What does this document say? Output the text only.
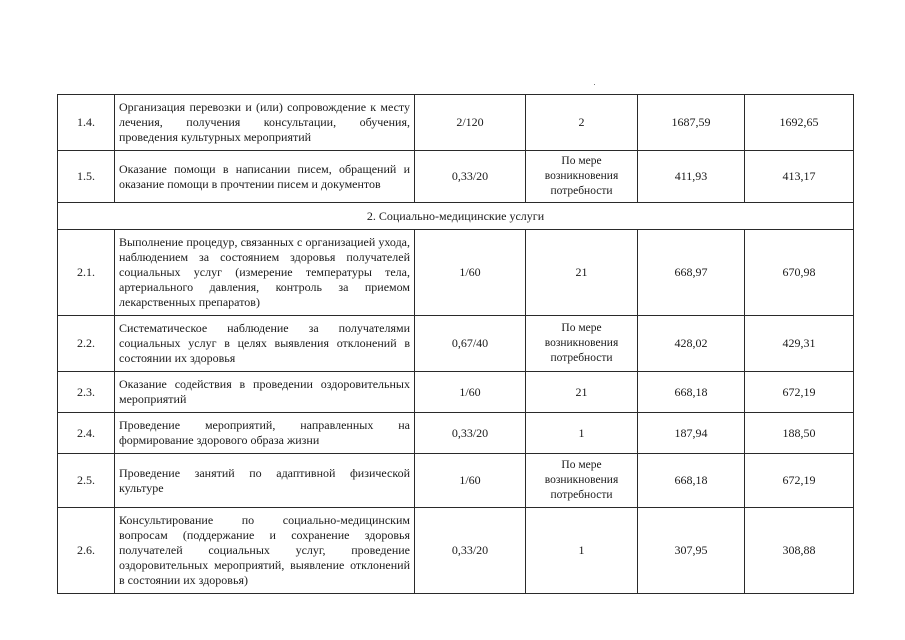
1.4.	Организация перевозки и (или) сопровождение к месту лечения, получения консультации, обучения, проведения культурных мероприятий	2/120	2	1687,59	1692,65
1.5.	Оказание помощи в написании писем, обращений и оказание помощи в прочтении писем и документов	0,33/20	По мере возникновения потребности	411,93	413,17
2. Социально-медицинские услуги					
2.1.	Выполнение процедур, связанных с организацией ухода, наблюдением за состоянием здоровья получателей социальных услуг (измерение температуры тела, артериального давления, контроль за приемом лекарственных препаратов)	1/60	21	668,97	670,98
2.2.	Систематическое наблюдение за получателями социальных услуг в целях выявления отклонений в состоянии их здоровья	0,67/40	По мере возникновения потребности	428,02	429,31
2.3.	Оказание содействия в проведении оздоровительных мероприятий	1/60	21	668,18	672,19
2.4.	Проведение мероприятий, направленных на формирование здорового образа жизни	0,33/20	1	187,94	188,50
2.5.	Проведение занятий по адаптивной физической культуре	1/60	По мере возникновения потребности	668,18	672,19
2.6.	Консультирование по социально-медицинским вопросам (поддержание и сохранение здоровья получателей социальных услуг, проведение оздоровительных мероприятий, выявление отклонений в состоянии их здоровья)	0,33/20	1	307,95	308,88
